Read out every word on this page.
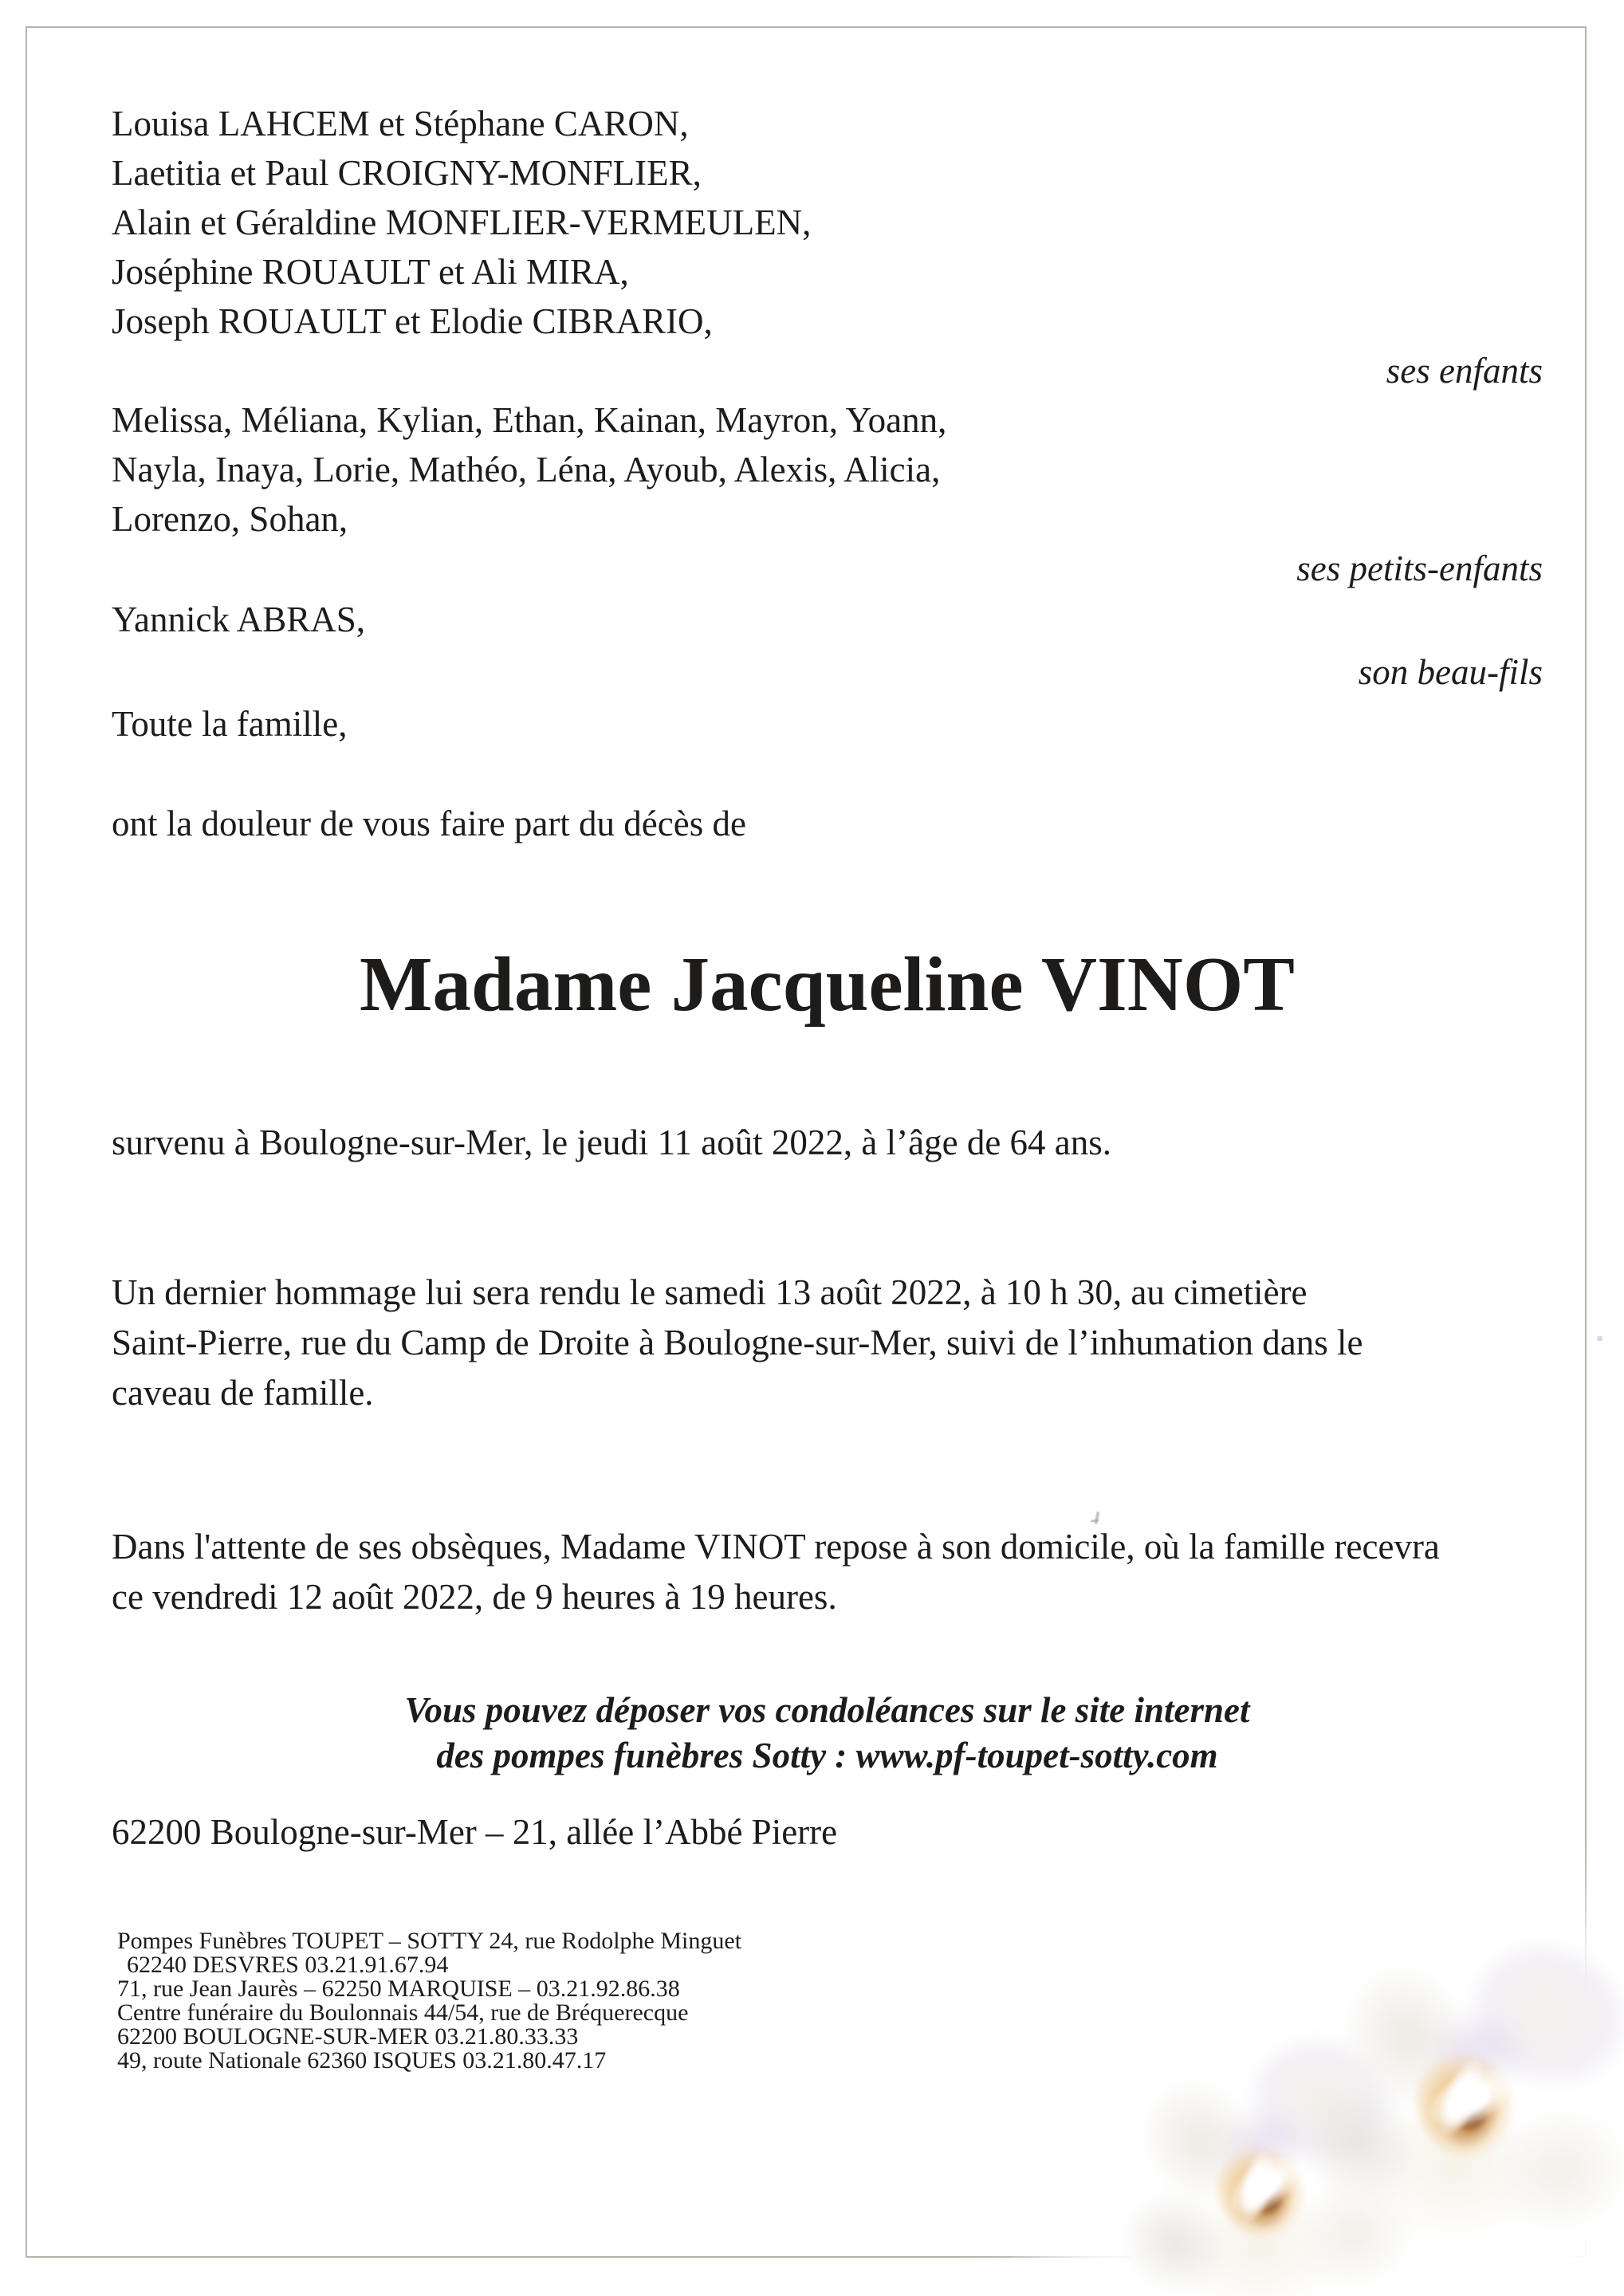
Louisa LAHCEM et Stéphane CARON,
Laetitia et Paul CROIGNY-MONFLIER,
Alain et Géraldine MONFLIER-VERMEULEN,
Joséphine ROUAULT et Ali MIRA,
Joseph ROUAULT et Elodie CIBRARIO,
ses enfants
Melissa, Méliana, Kylian, Ethan, Kainan, Mayron, Yoann,
Nayla, Inaya, Lorie, Mathéo, Léna, Ayoub, Alexis, Alicia,
Lorenzo, Sohan,
ses petits-enfants
Yannick ABRAS,
son beau-fils
Toute la famille,
ont la douleur de vous faire part du décès de
Madame Jacqueline VINOT
survenu à Boulogne-sur-Mer, le jeudi 11 août 2022, à l’âge de 64 ans.
Un dernier hommage lui sera rendu le samedi 13 août 2022, à 10 h 30, au cimetière
Saint-Pierre, rue du Camp de Droite à Boulogne-sur-Mer, suivi de l’inhumation dans le
caveau de famille.
Dans l'attente de ses obsèques, Madame VINOT repose à son domicile, où la famille recevra
ce vendredi 12 août 2022, de 9 heures à 19 heures.
Vous pouvez déposer vos condoléances sur le site internet
des pompes funèbres Sotty : www.pf-toupet-sotty.com
62200 Boulogne-sur-Mer – 21, allée l’Abbé Pierre
Pompes Funèbres TOUPET – SOTTY 24, rue Rodolphe Minguet
62240 DESVRES 03.21.91.67.94
71, rue Jean Jaurès – 62250 MARQUISE – 03.21.92.86.38
Centre funéraire du Boulonnais 44/54, rue de Bréquerecque
62200 BOULOGNE-SUR-MER 03.21.80.33.33
49, route Nationale 62360 ISQUES 03.21.80.47.17
